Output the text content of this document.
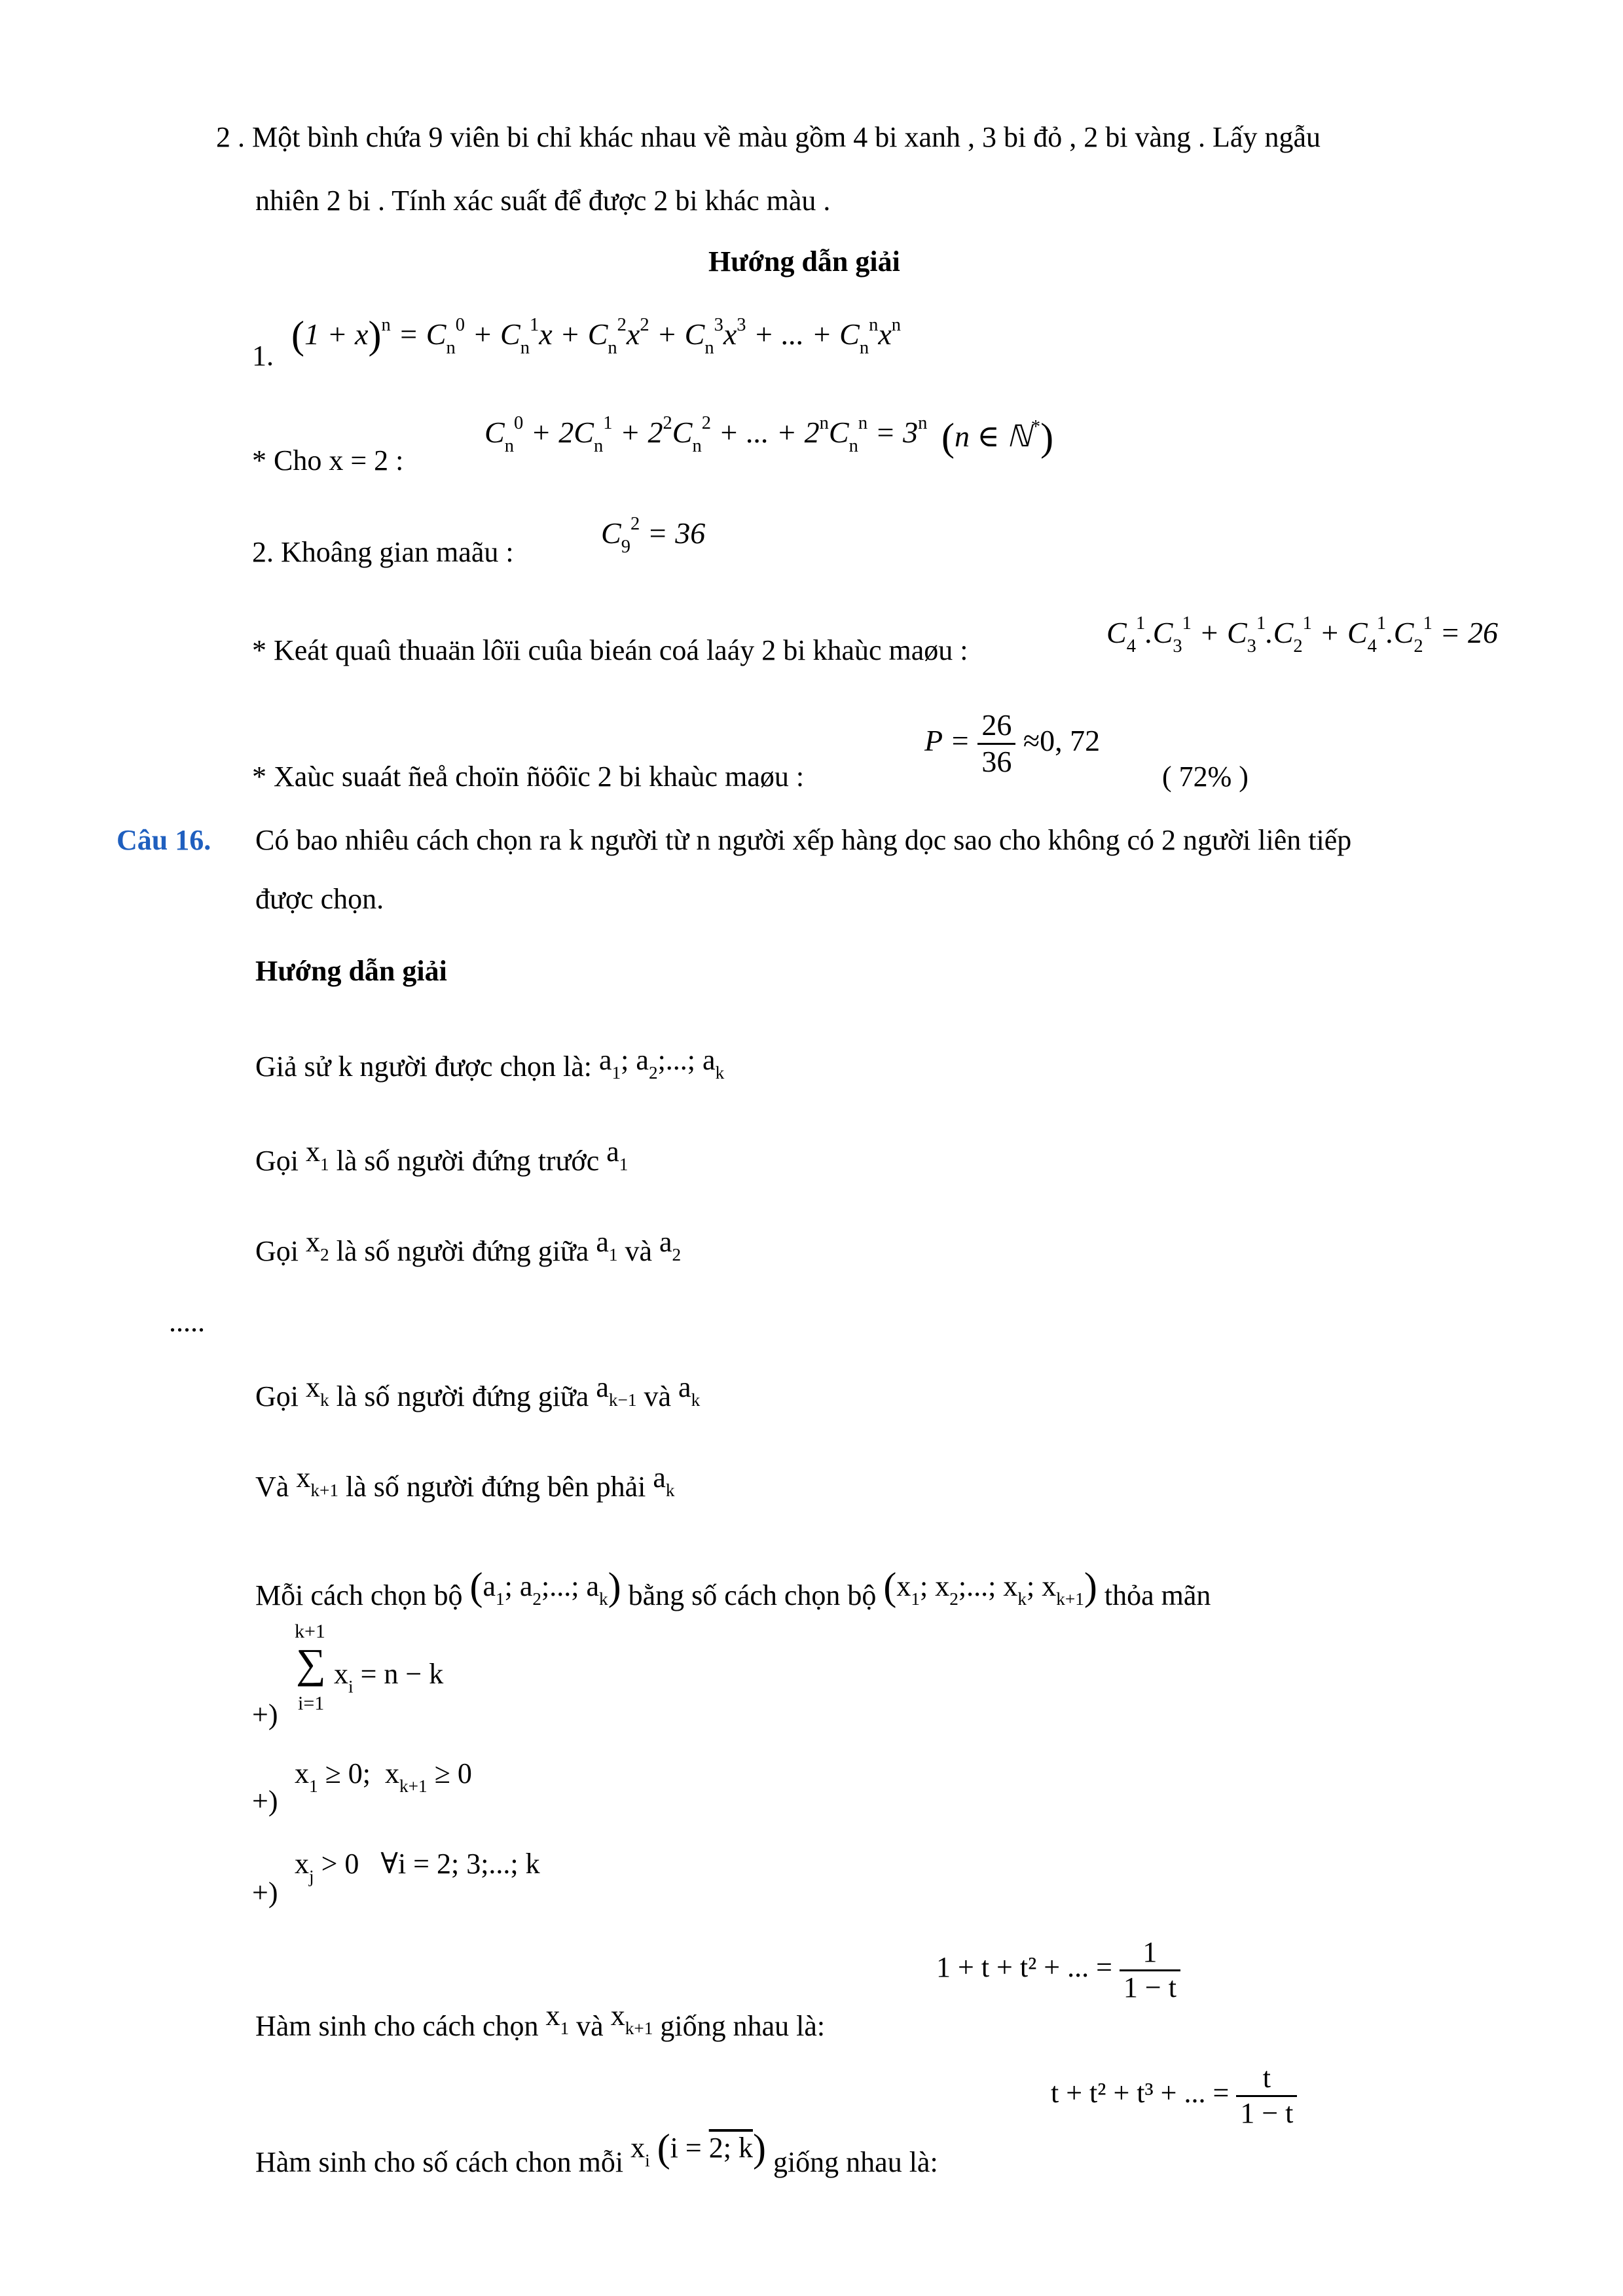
2 . Một bình chứa 9 viên bi chỉ khác nhau về màu gồm 4 bi xanh , 3 bi đỏ , 2 bi vàng . Lấy ngẫu
nhiên 2 bi . Tính xác suất để được 2 bi khác màu .
Hướng dẫn giải
1. $(1 + x)^n = C_n^0 + C_n^1x + C_n^2x^2 + C_n^3x^3$ + ... + $C_n^nx^n$
* Cho x = 2 :
$C_n^0 + 2C_n^1 + 2^2C_n^2$ + ... + $2^nC_n^n = 3^n$ (n ∈ ℕ*)
2. Khoâng gian maãu :
$C_9^2 = 36$
* Keát quaû thuaän lôïi cuûa bieán coá laáy 2 bi khaùc maøu :
$C_4^1.C_3^1 + C_3^1.C_2^1 + C_4^1.C_2^1 = 26$
* Xaùc suaát ñeå choïn ñöôïc 2 bi khaùc maøu :
$P = \frac{26}{36} \approx 0$, 72
( 72% )
Câu 16. Có bao nhiêu cách chọn ra k người từ n người xếp hàng dọc sao cho không có 2 người liên tiếp
được chọn.
Hướng dẫn giải
Giả sử k người được chọn là: $a_1$; $a_2$;...; $a_k$
Gọi $x_1$ là số người đứng trước $a_1$
Gọi $x_2$ là số người đứng giữa $a_1$ và $a_2$
.....
Gọi $x_k$ là số người đứng giữa $a_{k-1}$ và $a_k$
Và $x_{k+1}$ là số người đứng bên phải $a_k$
Mỗi cách chọn bộ ($a_1$; $a_2$;...; $a_k$) bằng số cách chọn bộ ($x_1$; $x_2$;...; $x_k$; $x_{k+1}$) thỏa mãn
+)
k+1
∑
i=1
$x_i = n - k$
+)
$x_1 \ge 0$;  $x_{k+1} \ge 0$
+)
$x_j > 0$   ∀i = 2; 3;...; k
Hàm sinh cho cách chọn $x_1$ và $x_{k+1}$ giống nhau là:
1 + t + t² + ... = $\frac{1}{1 - t}$
Hàm sinh cho số cách chon mỗi $x_i$ (i = 2; k) giống nhau là:
t + t² + t³ + ... = $\frac{t}{1 - t}$
